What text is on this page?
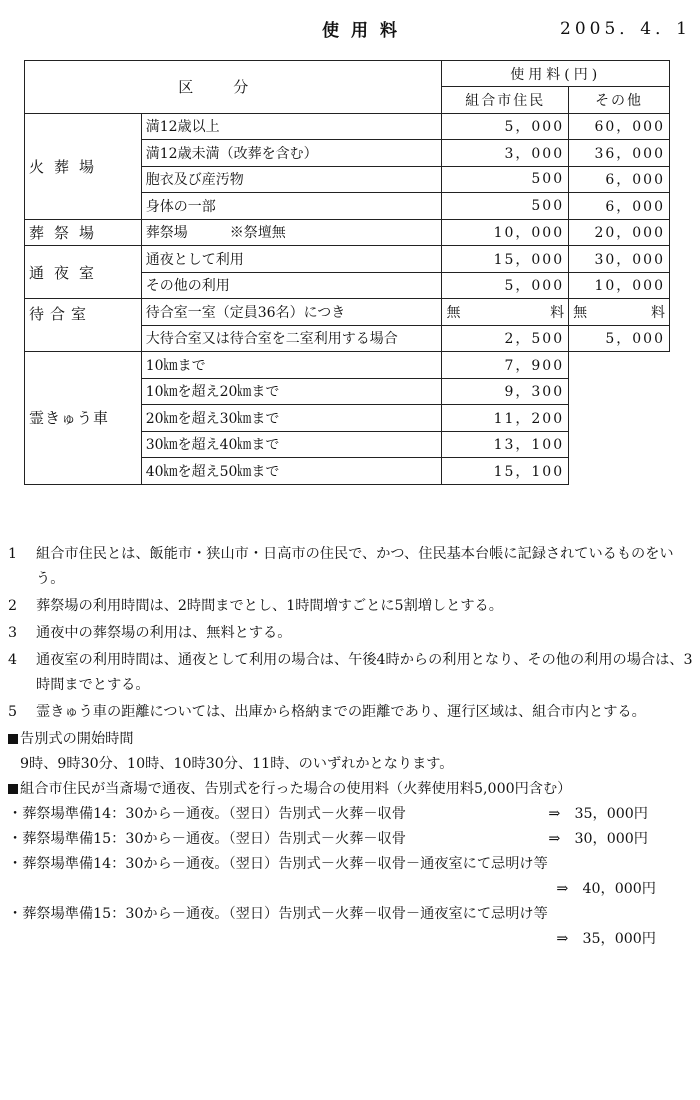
使用料	2005．4．1
区分		使用料(円)	
		組合市住民	その他
火葬場	満12歳以上	5，000	60，000
	満12歳未満（改葬を含む）	3，000	36，000
	胞衣及び産汚物	500	6，000
	身体の一部	500	6，000
葬祭場	葬祭場　　　※祭壇無	10，000	20，000
通夜室	通夜として利用	15，000	30，000
	その他の利用	5，000	10，000
待合室	待合室一室（定員36名）につき	無 料	無 料

	大待合室又は待合室を二室利用する場合	2，500	5，000
霊きゅう車	10㎞まで	7，900	
	10㎞を超え20㎞まで	9，300	
	20㎞を超え30㎞まで	11，200	
	30㎞を超え40㎞まで	13，100	
	40㎞を超え50㎞まで	15，100	
1	組合市住民とは、飯能市・狭山市・日高市の住民で、かつ、住民基本台帳に記録されているものをいう。
2	葬祭場の利用時間は、2時間までとし、1時間増すごとに5割増しとする。
3	通夜中の葬祭場の利用は、無料とする。
4	通夜室の利用時間は、通夜として利用の場合は、午後4時からの利用となり、その他の利用の場合は、3時間までとする。
5	霊きゅう車の距離については、出庫から格納までの距離であり、運行区域は、組合市内とする。
告別式の開始時間
9時、9時30分、10時、10時30分、11時、のいずれかとなります。
組合市住民が当斎場で通夜、告別式を行った場合の使用料（火葬使用料5,000円含む）
・葬祭場準備14：30から－通夜。（翌日）告別式－火葬－収骨	⇒　35，000円
・葬祭場準備15：30から－通夜。（翌日）告別式－火葬－収骨	⇒　30，000円
・葬祭場準備14：30から－通夜。（翌日）告別式－火葬－収骨－通夜室にて忌明け等
⇒　40，000円
・葬祭場準備15：30から－通夜。（翌日）告別式－火葬－収骨－通夜室にて忌明け等
⇒　35，000円
